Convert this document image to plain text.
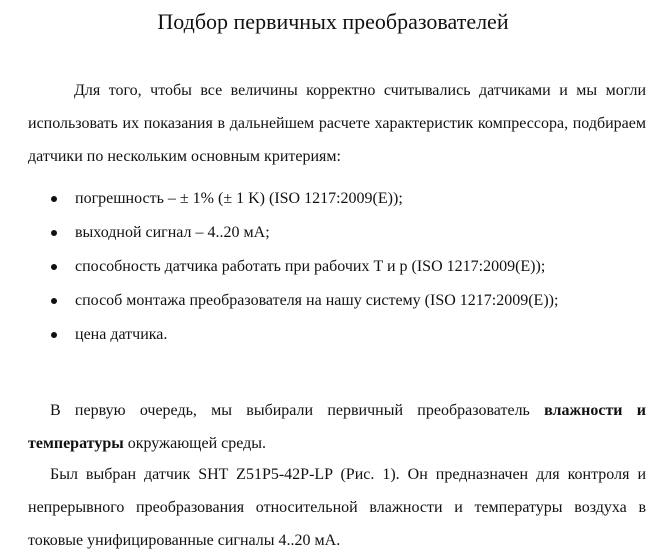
Подбор первичных преобразователей

Для того, чтобы все величины корректно считывались датчиками и мы могли использовать их показания в дальнейшем расчете характеристик компрессора, подбираем датчики по нескольким основным критериям:

погрешность – ± 1% (± 1 K) (ISO 1217:2009(E));
выходной сигнал – 4..20 мА;
способность датчика работать при рабочих T и p (ISO 1217:2009(E));
способ монтажа преобразователя на нашу систему (ISO 1217:2009(E));
цена датчика.

В первую очередь, мы выбирали первичный преобразователь влажности и температуры окружающей среды.

Был выбран датчик SHT Z51P5-42P-LP (Рис. 1). Он предназначен для контроля и непрерывного преобразования относительной влажности и температуры воздуха в токовые унифицированные сигналы 4..20 мА.
